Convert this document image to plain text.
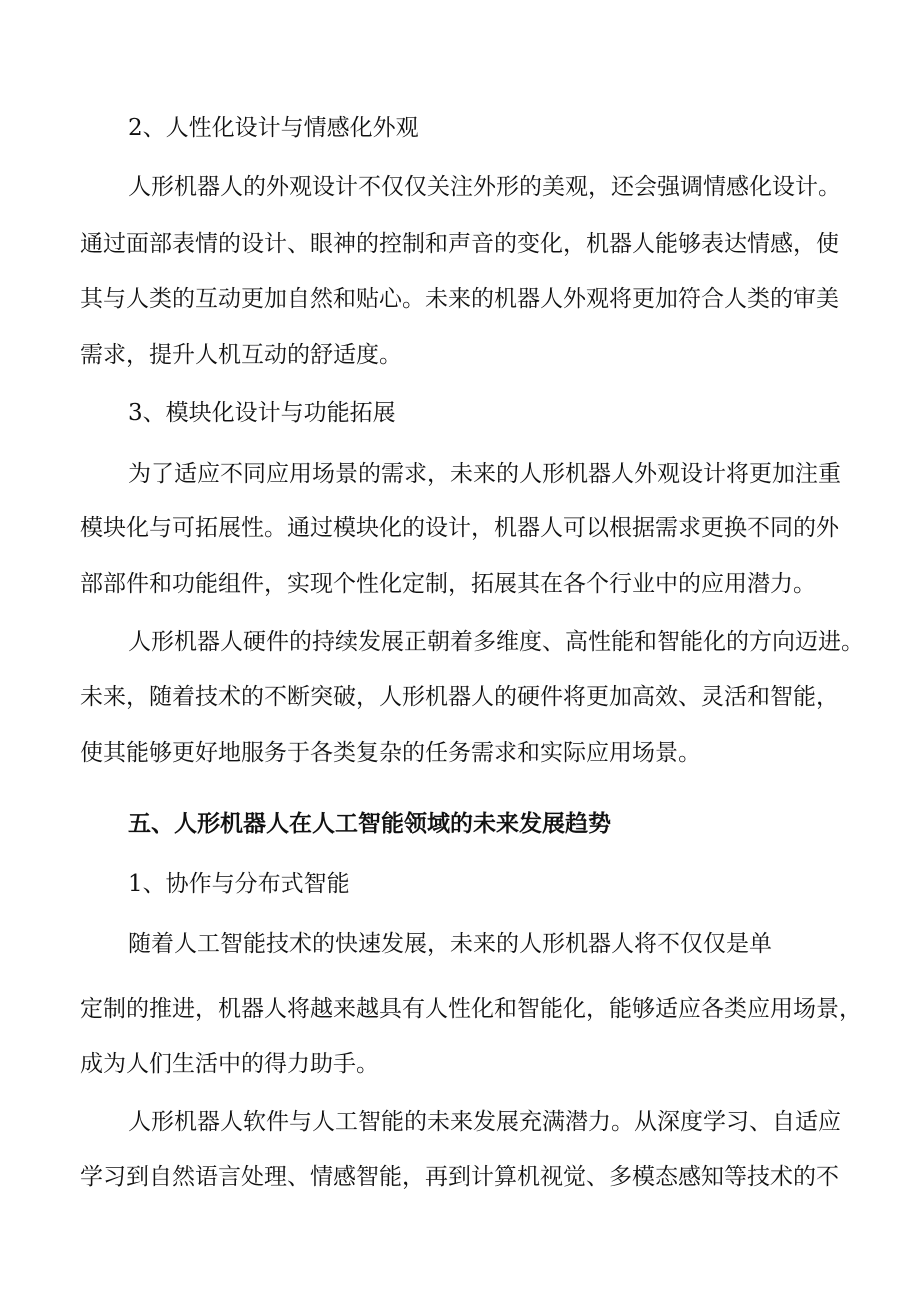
2、人性化设计与情感化外观
人形机器人的外观设计不仅仅关注外形的美观，还会强调情感化设计。
通过面部表情的设计、眼神的控制和声音的变化，机器人能够表达情感，使
其与人类的互动更加自然和贴心。未来的机器人外观将更加符合人类的审美
需求，提升人机互动的舒适度。
3、模块化设计与功能拓展
为了适应不同应用场景的需求，未来的人形机器人外观设计将更加注重
模块化与可拓展性。通过模块化的设计，机器人可以根据需求更换不同的外
部部件和功能组件，实现个性化定制，拓展其在各个行业中的应用潜力。
人形机器人硬件的持续发展正朝着多维度、高性能和智能化的方向迈进。
未来，随着技术的不断突破，人形机器人的硬件将更加高效、灵活和智能，
使其能够更好地服务于各类复杂的任务需求和实际应用场景。
五、人形机器人在人工智能领域的未来发展趋势
1、协作与分布式智能
随着人工智能技术的快速发展，未来的人形机器人将不仅仅是单
定制的推进，机器人将越来越具有人性化和智能化，能够适应各类应用场景，
成为人们生活中的得力助手。
人形机器人软件与人工智能的未来发展充满潜力。从深度学习、自适应
学习到自然语言处理、情感智能，再到计算机视觉、多模态感知等技术的不
